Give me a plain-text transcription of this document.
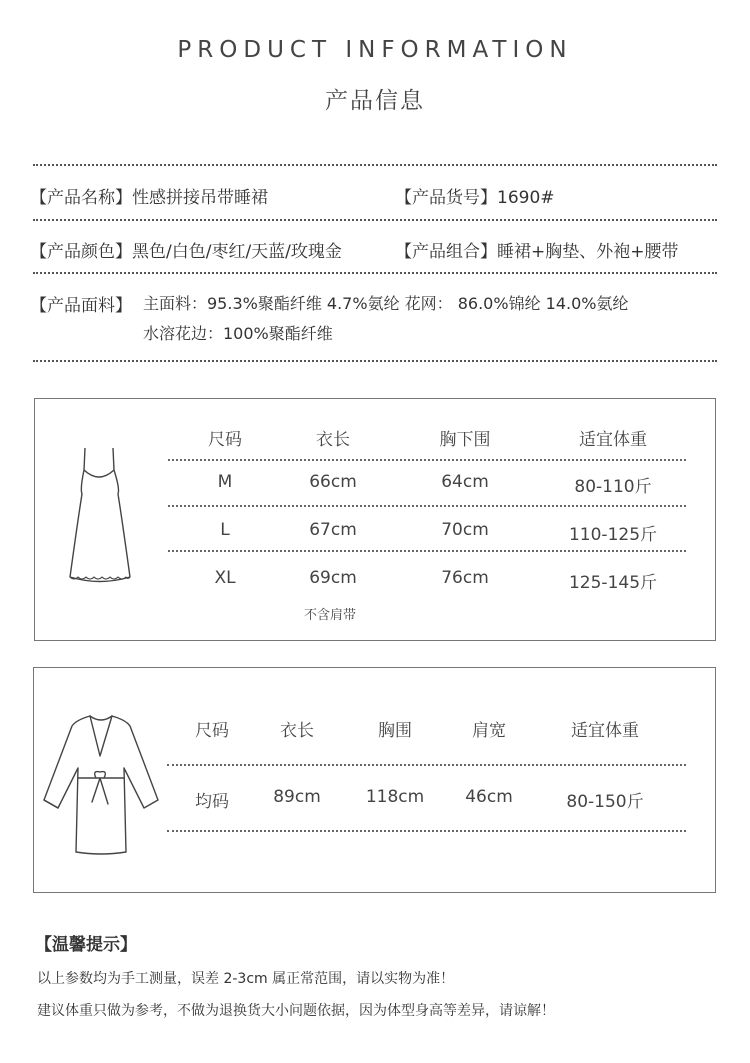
PRODUCT INFORMATION
产品信息
【产品名称】性感拼接吊带睡裙	【产品货号】1690#
【产品颜色】黑色/白色/枣红/天蓝/玫瑰金	【产品组合】睡裙+胸垫、外袍+腰带
【产品面料】 主面料：95.3%聚酯纤维 4.7%氨纶 花网： 86.0%锦纶 14.0%氨纶
水溶花边：100%聚酯纤维
尺码	衣长	胸下围	适宜体重
M	66cm	64cm	80-110斤
L	67cm	70cm	110-125斤
XL	69cm	76cm	125-145斤
不含肩带
尺码	衣长	胸围	肩宽	适宜体重
均码	89cm	118cm	46cm	80-150斤
【温馨提示】
以上参数均为手工测量，误差 2-3cm 属正常范围，请以实物为准！
建议体重只做为参考，不做为退换货大小问题依据，因为体型身高等差异，请谅解！
